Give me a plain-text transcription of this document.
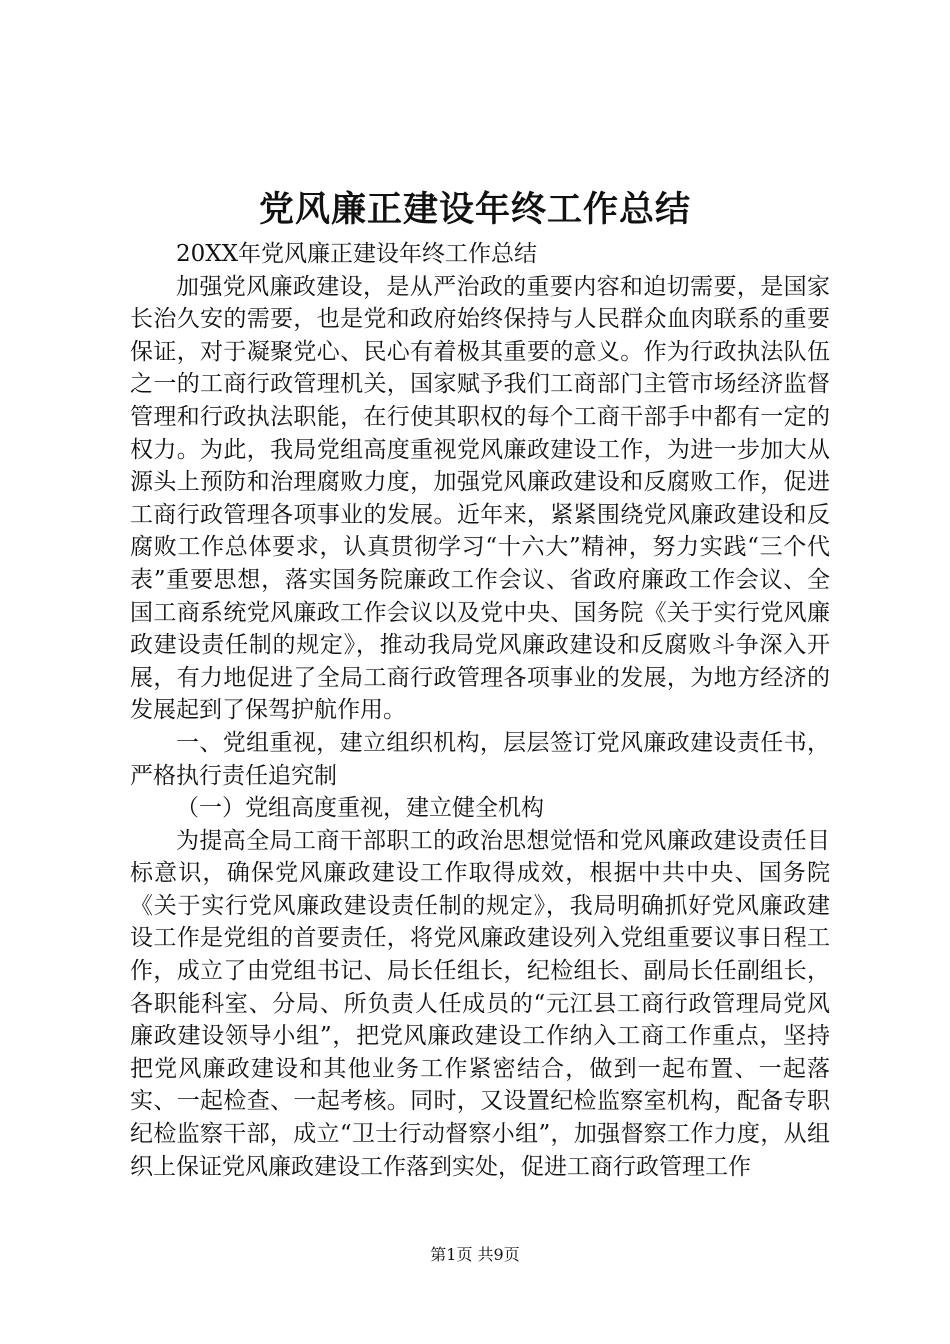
党风廉正建设年终工作总结

20XX年党风廉正建设年终工作总结

加强党风廉政建设，是从严治政的重要内容和迫切需要，是国家长治久安的需要，也是党和政府始终保持与人民群众血肉联系的重要保证，对于凝聚党心、民心有着极其重要的意义。作为行政执法队伍之一的工商行政管理机关，国家赋予我们工商部门主管市场经济监督管理和行政执法职能，在行使其职权的每个工商干部手中都有一定的权力。为此，我局党组高度重视党风廉政建设工作，为进一步加大从源头上预防和治理腐败力度，加强党风廉政建设和反腐败工作，促进工商行政管理各项事业的发展。近年来，紧紧围绕党风廉政建设和反腐败工作总体要求，认真贯彻学习“十六大”精神，努力实践“三个代表”重要思想，落实国务院廉政工作会议、省政府廉政工作会议、全国工商系统党风廉政工作会议以及党中央、国务院《关于实行党风廉政建设责任制的规定》，推动我局党风廉政建设和反腐败斗争深入开展，有力地促进了全局工商行政管理各项事业的发展，为地方经济的发展起到了保驾护航作用。

一、党组重视，建立组织机构，层层签订党风廉政建设责任书，严格执行责任追究制

（一）党组高度重视，建立健全机构

为提高全局工商干部职工的政治思想觉悟和党风廉政建设责任目标意识，确保党风廉政建设工作取得成效，根据中共中央、国务院《关于实行党风廉政建设责任制的规定》，我局明确抓好党风廉政建设工作是党组的首要责任，将党风廉政建设列入党组重要议事日程工作，成立了由党组书记、局长任组长，纪检组长、副局长任副组长，各职能科室、分局、所负责人任成员的“元江县工商行政管理局党风廉政建设领导小组”，把党风廉政建设工作纳入工商工作重点，坚持把党风廉政建设和其他业务工作紧密结合，做到一起布置、一起落实、一起检查、一起考核。同时，又设置纪检监察室机构，配备专职纪检监察干部，成立“卫士行动督察小组”，加强督察工作力度，从组织上保证党风廉政建设工作落到实处，促进工商行政管理工作

第1页 共9页
